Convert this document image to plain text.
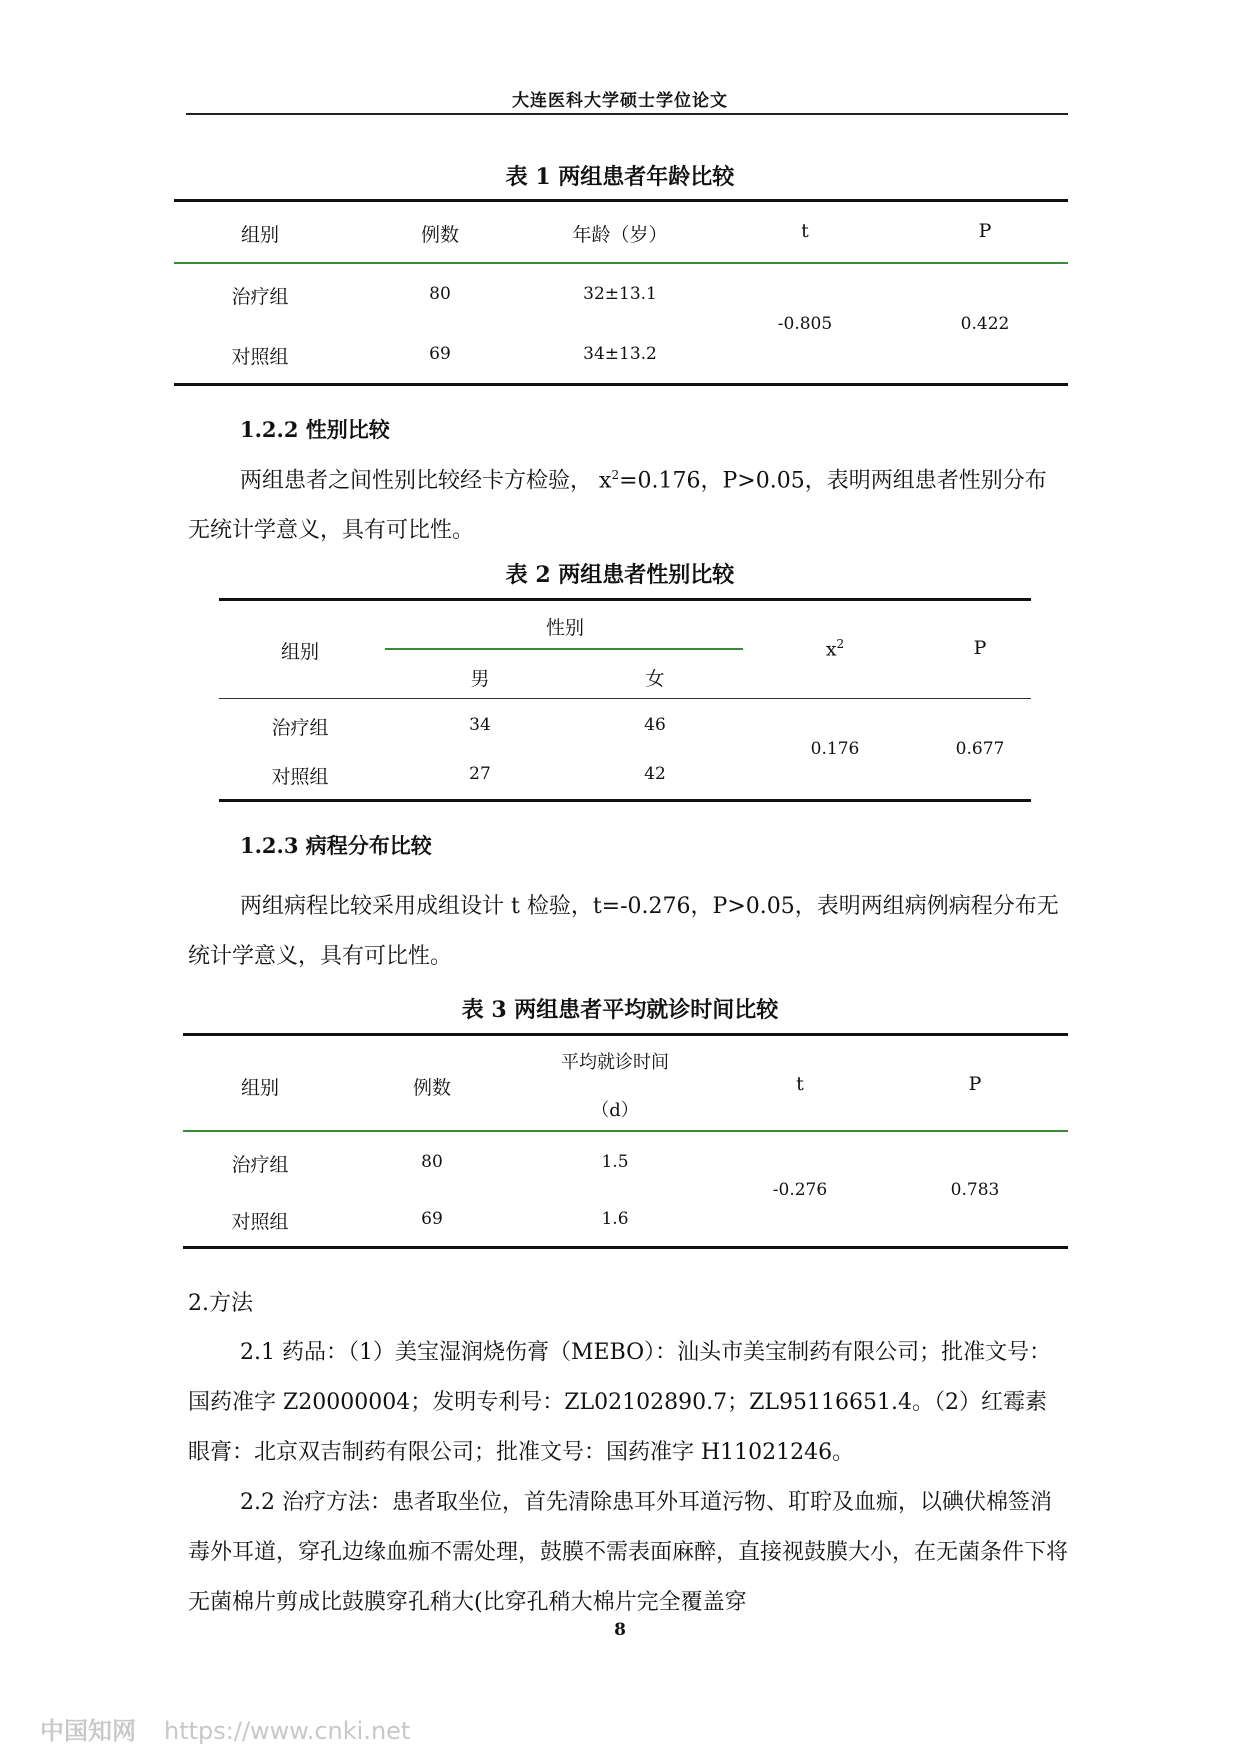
大连医科大学硕士学位论文
表 1 两组患者年龄比较
组别	例数	年龄（岁）	t	P
治疗组	80	32±13.1
对照组	69	34±13.2
-0.805	0.422
1.2.2 性别比较
两组患者之间性别比较经卡方检验， $x^2=0.176$，P>0.05，表明两组患者性别分布无统计学意义，具有可比性。
表 2 两组患者性别比较
组别
性别
男	女
$x^2$	P
治疗组	34	46
对照组	27	42
0.176	0.677
1.2.3 病程分布比较
两组病程比较采用成组设计 t 检验，t=-0.276，P>0.05，表明两组病例病程分布无统计学意义，具有可比性。
表 3 两组患者平均就诊时间比较
组别	例数
平均就诊时间
（d）
t	P
治疗组	80	1.5
对照组	69	1.6
-0.276	0.783
2.方法
2.1 药品：（1）美宝湿润烧伤膏（MEBO）：汕头市美宝制药有限公司；批准文号：国药准字 Z20000004；发明专利号：ZL02102890.7；ZL95116651.4。（2）红霉素眼膏：北京双吉制药有限公司；批准文号：国药准字 H11021246。
2.2 治疗方法：患者取坐位，首先清除患耳外耳道污物、耵聍及血痂，以碘伏棉签消毒外耳道，穿孔边缘血痂不需处理，鼓膜不需表面麻醉，直接视鼓膜大小，在无菌条件下将无菌棉片剪成比鼓膜穿孔稍大(比穿孔稍大棉片完全覆盖穿
8
中国知网 https://www.cnki.net
